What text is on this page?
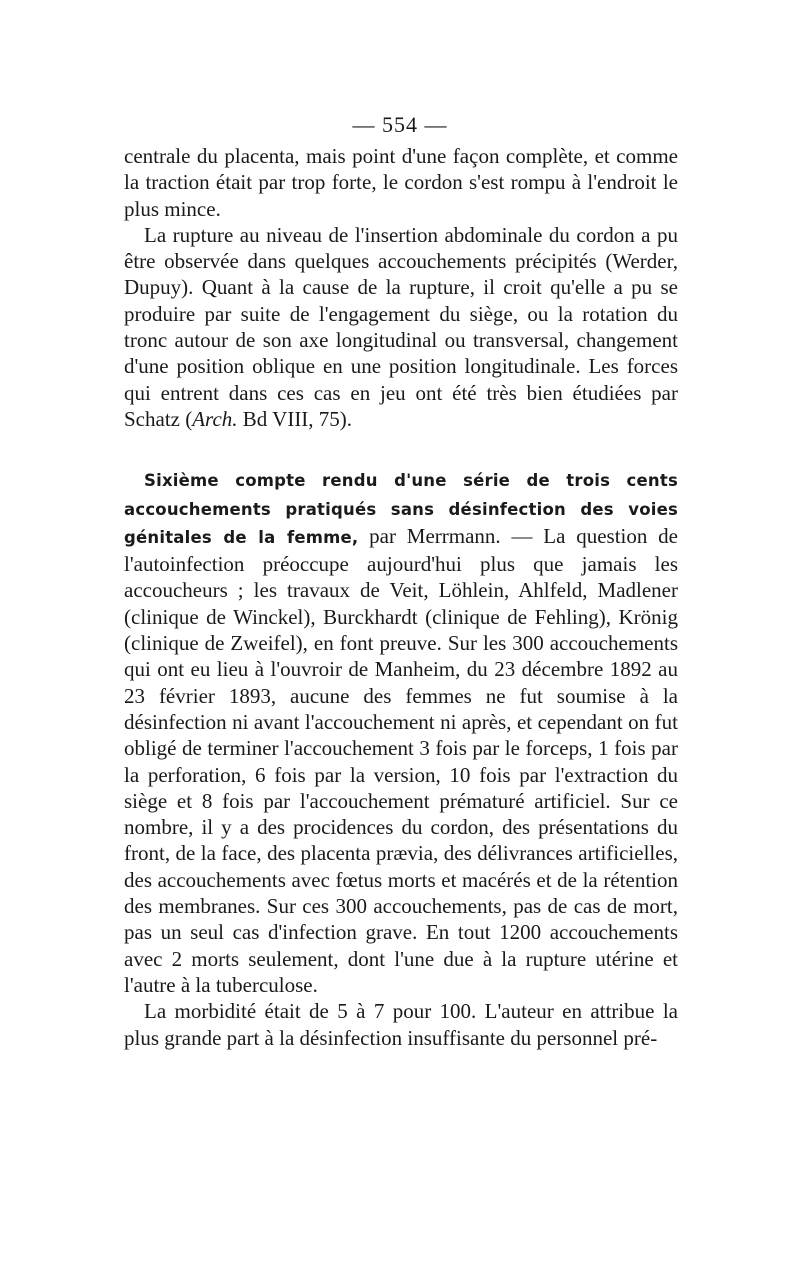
— 554 —

centrale du placenta, mais point d'une façon complète, et comme la traction était par trop forte, le cordon s'est rompu à l'endroit le plus mince.

La rupture au niveau de l'insertion abdominale du cordon a pu être observée dans quelques accouchements précipités (Werder, Dupuy). Quant à la cause de la rupture, il croit qu'elle a pu se produire par suite de l'engagement du siège, ou la rotation du tronc autour de son axe longitudinal ou transversal, changement d'une position oblique en une position longitudinale. Les forces qui entrent dans ces cas en jeu ont été très bien étudiées par Schatz (Arch. Bd VIII, 75).

Sixième compte rendu d'une série de trois cents accouchements pratiqués sans désinfection des voies génitales de la femme, par Merrmann. — La question de l'autoinfection préoccupe aujourd'hui plus que jamais les accoucheurs ; les travaux de Veit, Löhlein, Ahlfeld, Madlener (clinique de Winckel), Burckhardt (clinique de Fehling), Krönig (clinique de Zweifel), en font preuve. Sur les 300 accouchements qui ont eu lieu à l'ouvroir de Manheim, du 23 décembre 1892 au 23 février 1893, aucune des femmes ne fut soumise à la désinfection ni avant l'accouchement ni après, et cependant on fut obligé de terminer l'accouchement 3 fois par le forceps, 1 fois par la perforation, 6 fois par la version, 10 fois par l'extraction du siège et 8 fois par l'accouchement prématuré artificiel. Sur ce nombre, il y a des procidences du cordon, des présentations du front, de la face, des placenta prævia, des délivrances artificielles, des accouchements avec fœtus morts et macérés et de la rétention des membranes. Sur ces 300 accouchements, pas de cas de mort, pas un seul cas d'infection grave. En tout 1200 accouchements avec 2 morts seulement, dont l'une due à la rupture utérine et l'autre à la tuberculose.

La morbidité était de 5 à 7 pour 100. L'auteur en attribue la plus grande part à la désinfection insuffisante du personnel pré-
